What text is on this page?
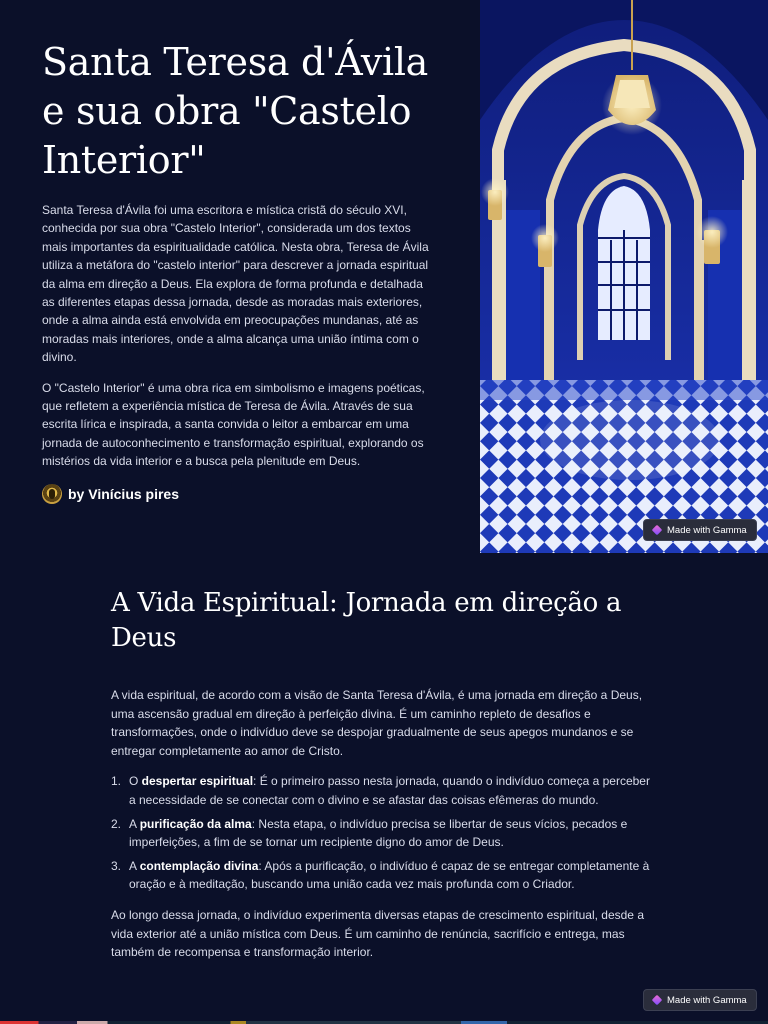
Santa Teresa d'Ávila e sua obra "Castelo Interior"

Santa Teresa d'Ávila foi uma escritora e mística cristã do século XVI, conhecida por sua obra "Castelo Interior", considerada um dos textos mais importantes da espiritualidade católica. Nesta obra, Teresa de Ávila utiliza a metáfora do "castelo interior" para descrever a jornada espiritual da alma em direção a Deus. Ela explora de forma profunda e detalhada as diferentes etapas dessa jornada, desde as moradas mais exteriores, onde a alma ainda está envolvida em preocupações mundanas, até as moradas mais interiores, onde a alma alcança uma união íntima com o divino.

O "Castelo Interior" é uma obra rica em simbolismo e imagens poéticas, que refletem a experiência mística de Teresa de Ávila. Através de sua escrita lírica e inspirada, a santa convida o leitor a embarcar em uma jornada de autoconhecimento e transformação espiritual, explorando os mistérios da vida interior e a busca pela plenitude em Deus.

by Vinícius pires
Made with Gamma
A Vida Espiritual: Jornada em direção a Deus

A vida espiritual, de acordo com a visão de Santa Teresa d'Ávila, é uma jornada em direção a Deus, uma ascensão gradual em direção à perfeição divina. É um caminho repleto de desafios e transformações, onde o indivíduo deve se despojar gradualmente de seus apegos mundanos e se entregar completamente ao amor de Cristo.

1. O despertar espiritual: É o primeiro passo nesta jornada, quando o indivíduo começa a perceber a necessidade de se conectar com o divino e se afastar das coisas efêmeras do mundo.
2. A purificação da alma: Nesta etapa, o indivíduo precisa se libertar de seus vícios, pecados e imperfeições, a fim de se tornar um recipiente digno do amor de Deus.
3. A contemplação divina: Após a purificação, o indivíduo é capaz de se entregar completamente à oração e à meditação, buscando uma união cada vez mais profunda com o Criador.

Ao longo dessa jornada, o indivíduo experimenta diversas etapas de crescimento espiritual, desde a vida exterior até a união mística com Deus. É um caminho de renúncia, sacrifício e entrega, mas também de recompensa e transformação interior.

Made with Gamma
